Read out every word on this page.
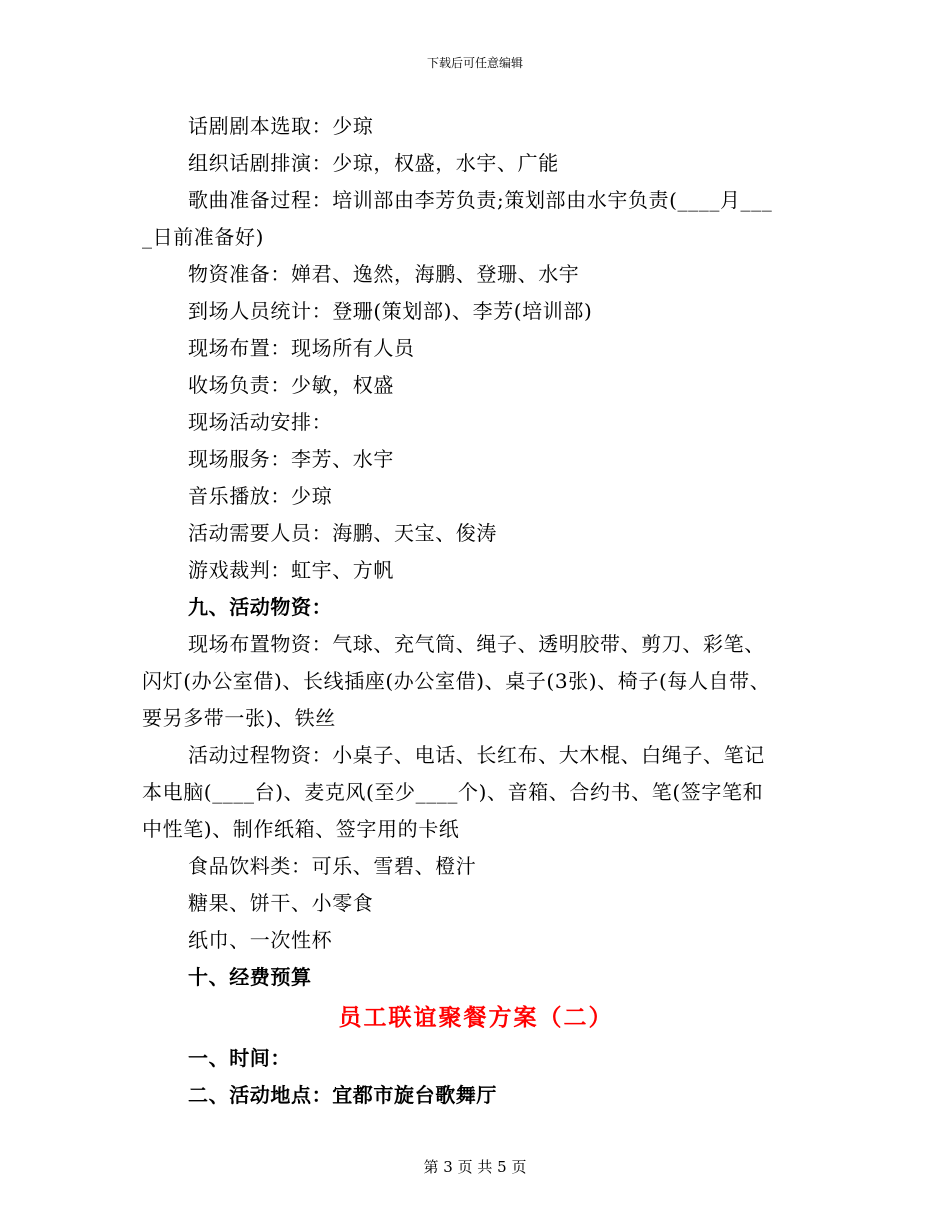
下载后可任意编辑
话剧剧本选取：少琼
组织话剧排演：少琼，权盛，水宇、广能
歌曲准备过程：培训部由李芳负责;策划部由水宇负责(____月___
_日前准备好)
物资准备：婵君、逸然，海鹏、登珊、水宇
到场人员统计：登珊(策划部)、李芳(培训部)
现场布置：现场所有人员
收场负责：少敏，权盛
现场活动安排：
现场服务：李芳、水宇
音乐播放：少琼
活动需要人员：海鹏、天宝、俊涛
游戏裁判：虹宇、方帆
九、活动物资：
现场布置物资：气球、充气筒、绳子、透明胶带、剪刀、彩笔、
闪灯(办公室借)、长线插座(办公室借)、桌子(3张)、椅子(每人自带、
要另多带一张)、铁丝
活动过程物资：小桌子、电话、长红布、大木棍、白绳子、笔记
本电脑(____台)、麦克风(至少____个)、音箱、合约书、笔(签字笔和
中性笔)、制作纸箱、签字用的卡纸
食品饮料类：可乐、雪碧、橙汁
糖果、饼干、小零食
纸巾、一次性杯
十、经费预算
员工联谊聚餐方案（二）
一、时间：
二、活动地点：宜都市旋台歌舞厅
第 3 页 共 5 页
